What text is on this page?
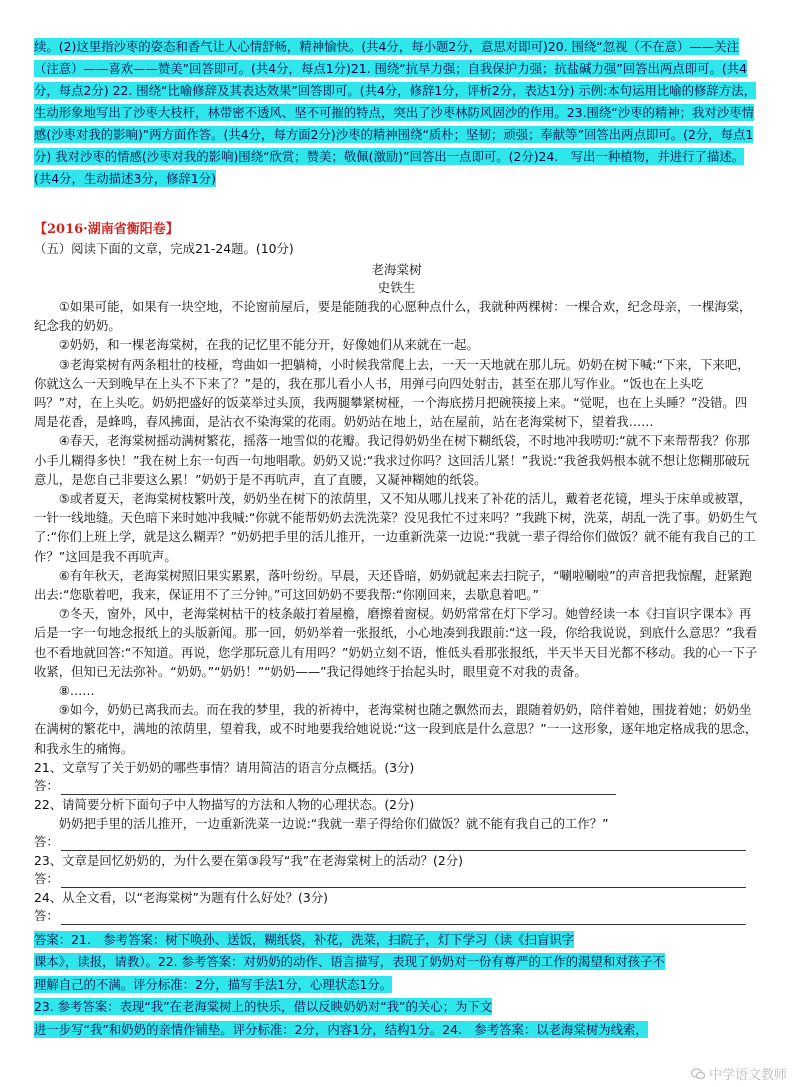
续。(2)这里指沙枣的姿态和香气让人心情舒畅，精神愉快。(共4分，每小题2分，意思对即可)20. 围绕“忽视（不在意）——关注（注意）——喜欢——赞美”回答即可。(共4分，每点1分)21. 围绕“抗旱力强；自我保护力强；抗盐碱力强”回答出两点即可。(共4分，每点2分) 22. 围绕“比喻修辞及其表达效果”回答即可。(共4分，修辞1分，评析2分，表达1分) 示例:本句运用比喻的修辞方法，生动形象地写出了沙枣大枝杆，林带密不透风、坚不可摧的特点，突出了沙枣林防风固沙的作用。23.围绕“沙枣的精神；我对沙枣情感(沙枣对我的影响)”两方面作答。(共4分，每方面2分)沙枣的精神围绕“质朴；坚韧；顽强；奉献等”回答出两点即可。(2分，每点1分) 我对沙枣的情感(沙枣对我的影响)围绕“欣赏；赞美；敬佩(激励)”回答出一点即可。(2分)24.　写出一种植物，并进行了描述。(共4分，生动描述3分，修辞1分)
【2016·湖南省衡阳卷】
（五）阅读下面的文章，完成21-24题。(10分)
老海棠树
史铁生

①如果可能，如果有一块空地，不论窗前屋后，要是能随我的心愿种点什么，我就种两棵树：一棵合欢，纪念母亲，一棵海棠，纪念我的奶奶。

②奶奶，和一棵老海棠树，在我的记忆里不能分开，好像她们从来就在一起。

③老海棠树有两条粗壮的枝桠，弯曲如一把躺椅，小时候我常爬上去，一天一天地就在那儿玩。奶奶在树下喊:“下来，下来吧，你就这么一天到晚早在上头不下来了？”是的，我在那儿看小人书，用弹弓向四处射击，甚至在那儿写作业。“饭也在上头吃吗？”对，在上头吃。奶奶把盛好的饭菜举过头顶，我两腿攀紧树桠，一个海底捞月把碗筷接上来。“觉呢，也在上头睡？”没错。四周是花香，是蜂鸣，春风拂面，是沾衣不染海棠的花雨。奶奶站在地上，站在屋前，站在老海棠树下，望着我……

④春天，老海棠树摇动满树繁花，摇落一地雪似的花瓣。我记得奶奶坐在树下糊纸袋，不时地冲我唠叨:“就不下来帮帮我？你那小手儿糊得多快！”我在树上东一句西一句地唱歌。奶奶又说:“我求过你吗？这回活儿紧！”我说:“我爸我妈根本就不想让您糊那破玩意儿，是您自己非要这么累！”奶奶于是不再吭声，直了直腰，又凝神糊她的纸袋。

⑤或者夏天，老海棠树枝繁叶茂，奶奶坐在树下的浓荫里，又不知从哪儿找来了补花的活儿，戴着老花镜，埋头于床单或被罩，一针一线地缝。天色暗下来时她冲我喊:“你就不能帮奶奶去洗洗菜？没见我忙不过来吗？”我跳下树，洗菜，胡乱一洗了事。奶奶生气了:“你们上班上学，就是这么糊弄？”奶奶把手里的活儿推开，一边重新洗菜一边说:“我就一辈子得给你们做饭？就不能有我自己的工作？”这回是我不再吭声。

⑥有年秋天，老海棠树照旧果实累累，落叶纷纷。早晨，天还昏暗，奶奶就起来去扫院子，“唰啦唰啦”的声音把我惊醒，赶紧跑出去:“您歇着吧，我来，保证用不了三分钟。”可这回奶奶不要我帮:“你刚回来，去歇息着吧。”

⑦冬天，窗外，风中，老海棠树枯干的枝条敲打着屋檐，磨擦着窗棂。奶奶常常在灯下学习。她曾经读一本《扫盲识字课本》再后是一字一句地念报纸上的头版新闻。那一回，奶奶举着一张报纸，小心地凑到我跟前:“这一段，你给我说说，到底什么意思？”我看也不看地就回答:“不知道。再说，您学那玩意儿有用吗？”奶奶立刻不语，惟低头看那张报纸，半天半天目光都不移动。我的心一下子收紧，但知已无法弥补。“奶奶。”“奶奶！”“奶奶——”我记得她终于抬起头时，眼里竟不对我的责备。

⑧……

⑨如今，奶奶已离我而去。而在我的梦里，我的祈祷中，老海棠树也随之飘然而去，跟随着奶奶，陪伴着她，围拢着她；奶奶坐在满树的繁花中，满地的浓荫里，望着我，或不时地要我给她说说:“这一段到底是什么意思？”一一这形象，逐年地定格成我的思念，和我永生的痛悔。

21、文章写了关于奶奶的哪些事情？请用简洁的语言分点概括。(3分)

答：

22、请简要分析下面句子中人物描写的方法和人物的心理状态。(2分)

奶奶把手里的活儿推开，一边重新洗菜一边说:“我就一辈子得给你们做饭？就不能有我自己的工作？”

答：

23、文章是回忆奶奶的，为什么要在第③段写“我”在老海棠树上的活动？(2分)

答：

24、从全文看，以“老海棠树”为题有什么好处？(3分)

答：
答案：21.　参考答案：树下唤孙、送饭，糊纸袋，补花，洗菜，扫院子，灯下学习（读《扫盲识字
课本》，读报，请教）。22. 参考答案：对奶奶的动作、语言描写，表现了奶奶对一份有尊严的工作的渴望和对孩子不
理解自己的不满。评分标准：2分，描写手法1分，心理状态1分。
23. 参考答案：表现“我”在老海棠树上的快乐，借以反映奶奶对“我”的关心；为下文
进一步写“我”和奶奶的亲情作铺垫。评分标准：2分，内容1分，结构1分。24.　参考答案：以老海棠树为线索，
中学语文教师
